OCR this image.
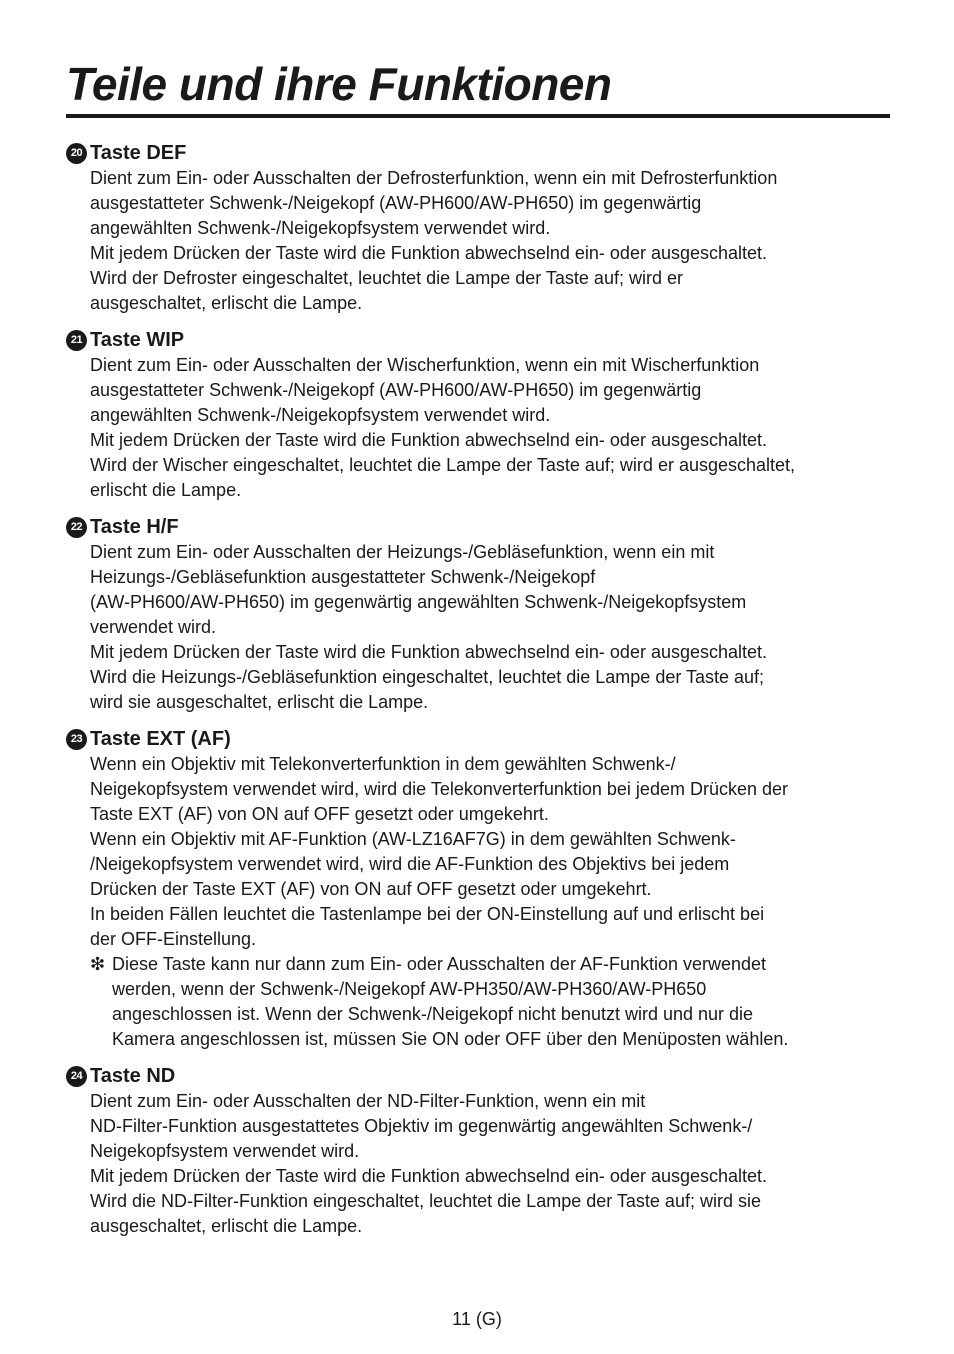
Teile und ihre Funktionen
20 Taste DEF

Dient zum Ein- oder Ausschalten der Defrosterfunktion, wenn ein mit Defrosterfunktion
ausgestatteter Schwenk-/Neigekopf (AW-PH600/AW-PH650) im gegenwärtig
angewählten Schwenk-/Neigekopfsystem verwendet wird.

Mit jedem Drücken der Taste wird die Funktion abwechselnd ein- oder ausgeschaltet.
Wird der Defroster eingeschaltet, leuchtet die Lampe der Taste auf; wird er
ausgeschaltet, erlischt die Lampe.

21 Taste WIP

Dient zum Ein- oder Ausschalten der Wischerfunktion, wenn ein mit Wischerfunktion
ausgestatteter Schwenk-/Neigekopf (AW-PH600/AW-PH650) im gegenwärtig
angewählten Schwenk-/Neigekopfsystem verwendet wird.

Mit jedem Drücken der Taste wird die Funktion abwechselnd ein- oder ausgeschaltet.
Wird der Wischer eingeschaltet, leuchtet die Lampe der Taste auf; wird er ausgeschaltet,
erlischt die Lampe.

22 Taste H/F

Dient zum Ein- oder Ausschalten der Heizungs-/Gebläsefunktion, wenn ein mit
Heizungs-/Gebläsefunktion ausgestatteter Schwenk-/Neigekopf
(AW-PH600/AW-PH650) im gegenwärtig angewählten Schwenk-/Neigekopfsystem
verwendet wird.

Mit jedem Drücken der Taste wird die Funktion abwechselnd ein- oder ausgeschaltet.
Wird die Heizungs-/Gebläsefunktion eingeschaltet, leuchtet die Lampe der Taste auf;
wird sie ausgeschaltet, erlischt die Lampe.

23 Taste EXT (AF)

Wenn ein Objektiv mit Telekonverterfunktion in dem gewählten Schwenk-/
Neigekopfsystem verwendet wird, wird die Telekonverterfunktion bei jedem Drücken der
Taste EXT (AF) von ON auf OFF gesetzt oder umgekehrt.

Wenn ein Objektiv mit AF-Funktion (AW-LZ16AF7G) in dem gewählten Schwenk-
/Neigekopfsystem verwendet wird, wird die AF-Funktion des Objektivs bei jedem
Drücken der Taste EXT (AF) von ON auf OFF gesetzt oder umgekehrt.

In beiden Fällen leuchtet die Tastenlampe bei der ON-Einstellung auf und erlischt bei
der OFF-Einstellung.

❇ Diese Taste kann nur dann zum Ein- oder Ausschalten der AF-Funktion verwendet
werden, wenn der Schwenk-/Neigekopf AW-PH350/AW-PH360/AW-PH650
angeschlossen ist. Wenn der Schwenk-/Neigekopf nicht benutzt wird und nur die
Kamera angeschlossen ist, müssen Sie ON oder OFF über den Menüposten wählen.
24 Taste ND

Dient zum Ein- oder Ausschalten der ND-Filter-Funktion, wenn ein mit
ND-Filter-Funktion ausgestattetes Objektiv im gegenwärtig angewählten Schwenk-/
Neigekopfsystem verwendet wird.

Mit jedem Drücken der Taste wird die Funktion abwechselnd ein- oder ausgeschaltet.
Wird die ND-Filter-Funktion eingeschaltet, leuchtet die Lampe der Taste auf; wird sie
ausgeschaltet, erlischt die Lampe.

11 (G)
